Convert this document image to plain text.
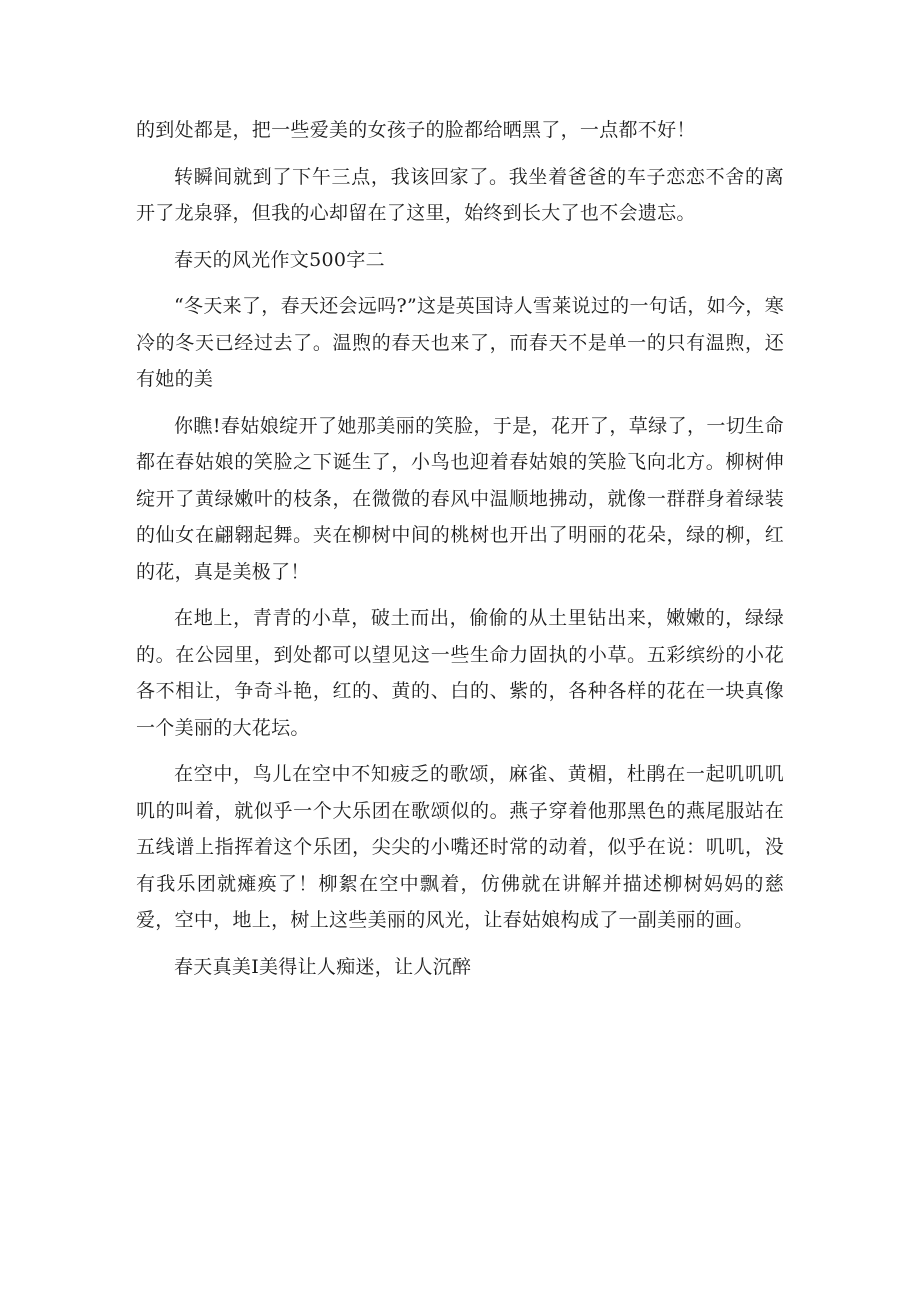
的到处都是，把一些爱美的女孩子的脸都给晒黑了，一点都不好！

转瞬间就到了下午三点，我该回家了。我坐着爸爸的车子恋恋不舍的离开了龙泉驿，但我的心却留在了这里，始终到长大了也不会遗忘。

春天的风光作文500字二

“冬天来了，春天还会远吗?”这是英国诗人雪莱说过的一句话，如今，寒冷的冬天已经过去了。温煦的春天也来了，而春天不是单一的只有温煦，还有她的美

你瞧!春姑娘绽开了她那美丽的笑脸，于是，花开了，草绿了，一切生命都在春姑娘的笑脸之下诞生了，小鸟也迎着春姑娘的笑脸飞向北方。柳树伸绽开了黄绿嫩叶的枝条，在微微的春风中温顺地拂动，就像一群群身着绿装的仙女在翩翱起舞。夹在柳树中间的桃树也开出了明丽的花朵，绿的柳，红的花，真是美极了！

在地上，青青的小草，破土而出，偷偷的从土里钻出来，嫩嫩的，绿绿的。在公园里，到处都可以望见这一些生命力固执的小草。五彩缤纷的小花各不相让，争奇斗艳，红的、黄的、白的、紫的，各种各样的花在一块真像一个美丽的大花坛。

在空中，鸟儿在空中不知疲乏的歌颂，麻雀、黄楣，杜鹃在一起叽叽叽叽的叫着，就似乎一个大乐团在歌颂似的。燕子穿着他那黑色的燕尾服站在五线谱上指挥着这个乐团，尖尖的小嘴还时常的动着，似乎在说：叽叽，没有我乐团就瘫痪了！柳絮在空中飘着，仿佛就在讲解并描述柳树妈妈的慈爱，空中，地上，树上这些美丽的风光，让春姑娘构成了一副美丽的画。

春天真美I美得让人痴迷，让人沉醉
